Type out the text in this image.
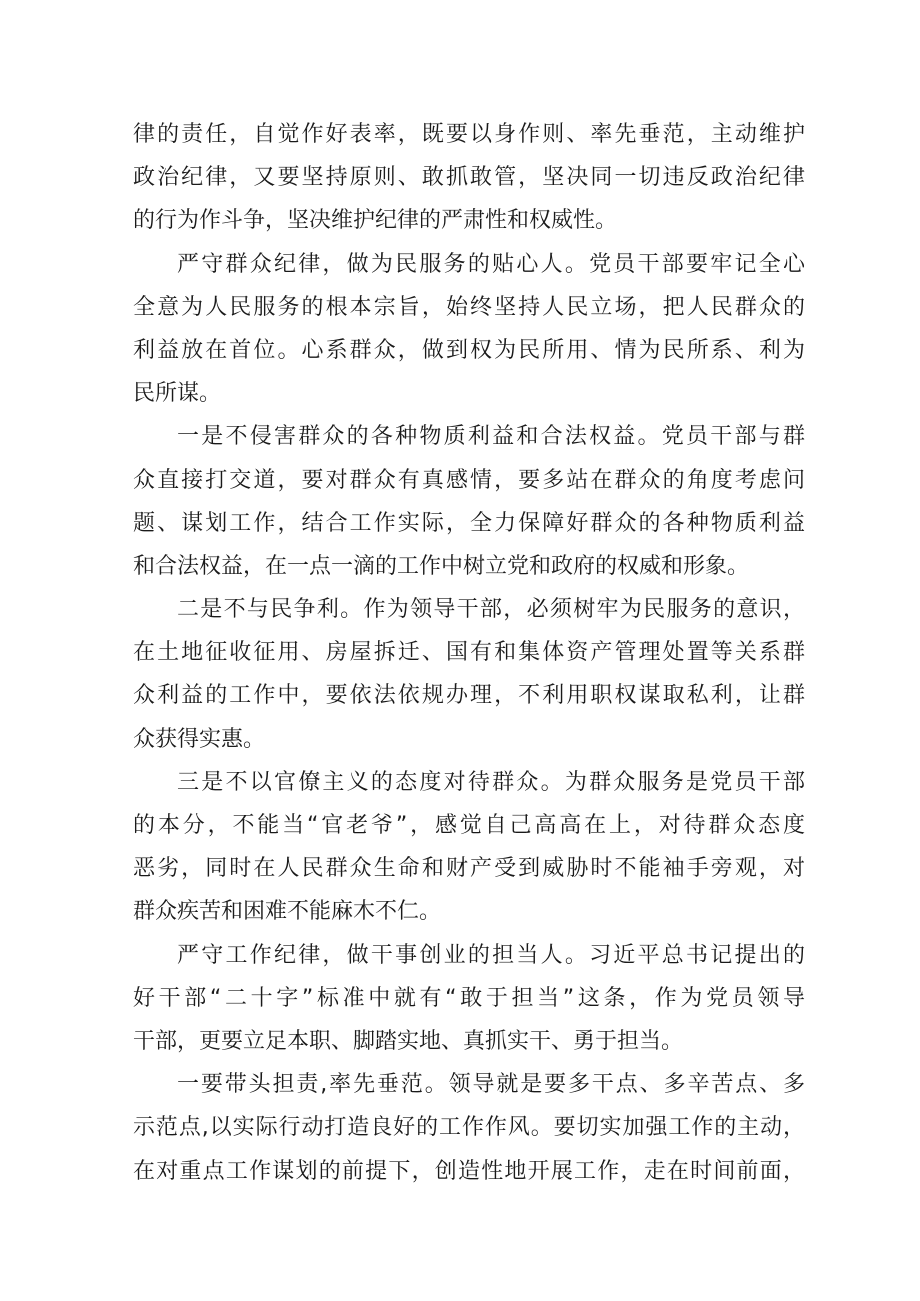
律的责任，自觉作好表率，既要以身作则、率先垂范，主动维护
政治纪律，又要坚持原则、敢抓敢管，坚决同一切违反政治纪律
的行为作斗争，坚决维护纪律的严肃性和权威性。
严守群众纪律，做为民服务的贴心人。党员干部要牢记全心
全意为人民服务的根本宗旨，始终坚持人民立场，把人民群众的
利益放在首位。心系群众，做到权为民所用、情为民所系、利为
民所谋。
一是不侵害群众的各种物质利益和合法权益。党员干部与群
众直接打交道，要对群众有真感情，要多站在群众的角度考虑问
题、谋划工作，结合工作实际，全力保障好群众的各种物质利益
和合法权益，在一点一滴的工作中树立党和政府的权威和形象。
二是不与民争利。作为领导干部，必须树牢为民服务的意识，
在土地征收征用、房屋拆迁、国有和集体资产管理处置等关系群
众利益的工作中，要依法依规办理，不利用职权谋取私利，让群
众获得实惠。
三是不以官僚主义的态度对待群众。为群众服务是党员干部
的本分，不能当“官老爷”，感觉自己高高在上，对待群众态度
恶劣，同时在人民群众生命和财产受到威胁时不能袖手旁观，对
群众疾苦和困难不能麻木不仁。
严守工作纪律，做干事创业的担当人。习近平总书记提出的
好干部“二十字”标准中就有“敢于担当”这条，作为党员领导
干部，更要立足本职、脚踏实地、真抓实干、勇于担当。
一要带头担责,率先垂范。领导就是要多干点、多辛苦点、多
示范点,以实际行动打造良好的工作作风。要切实加强工作的主动，
在对重点工作谋划的前提下，创造性地开展工作，走在时间前面，
